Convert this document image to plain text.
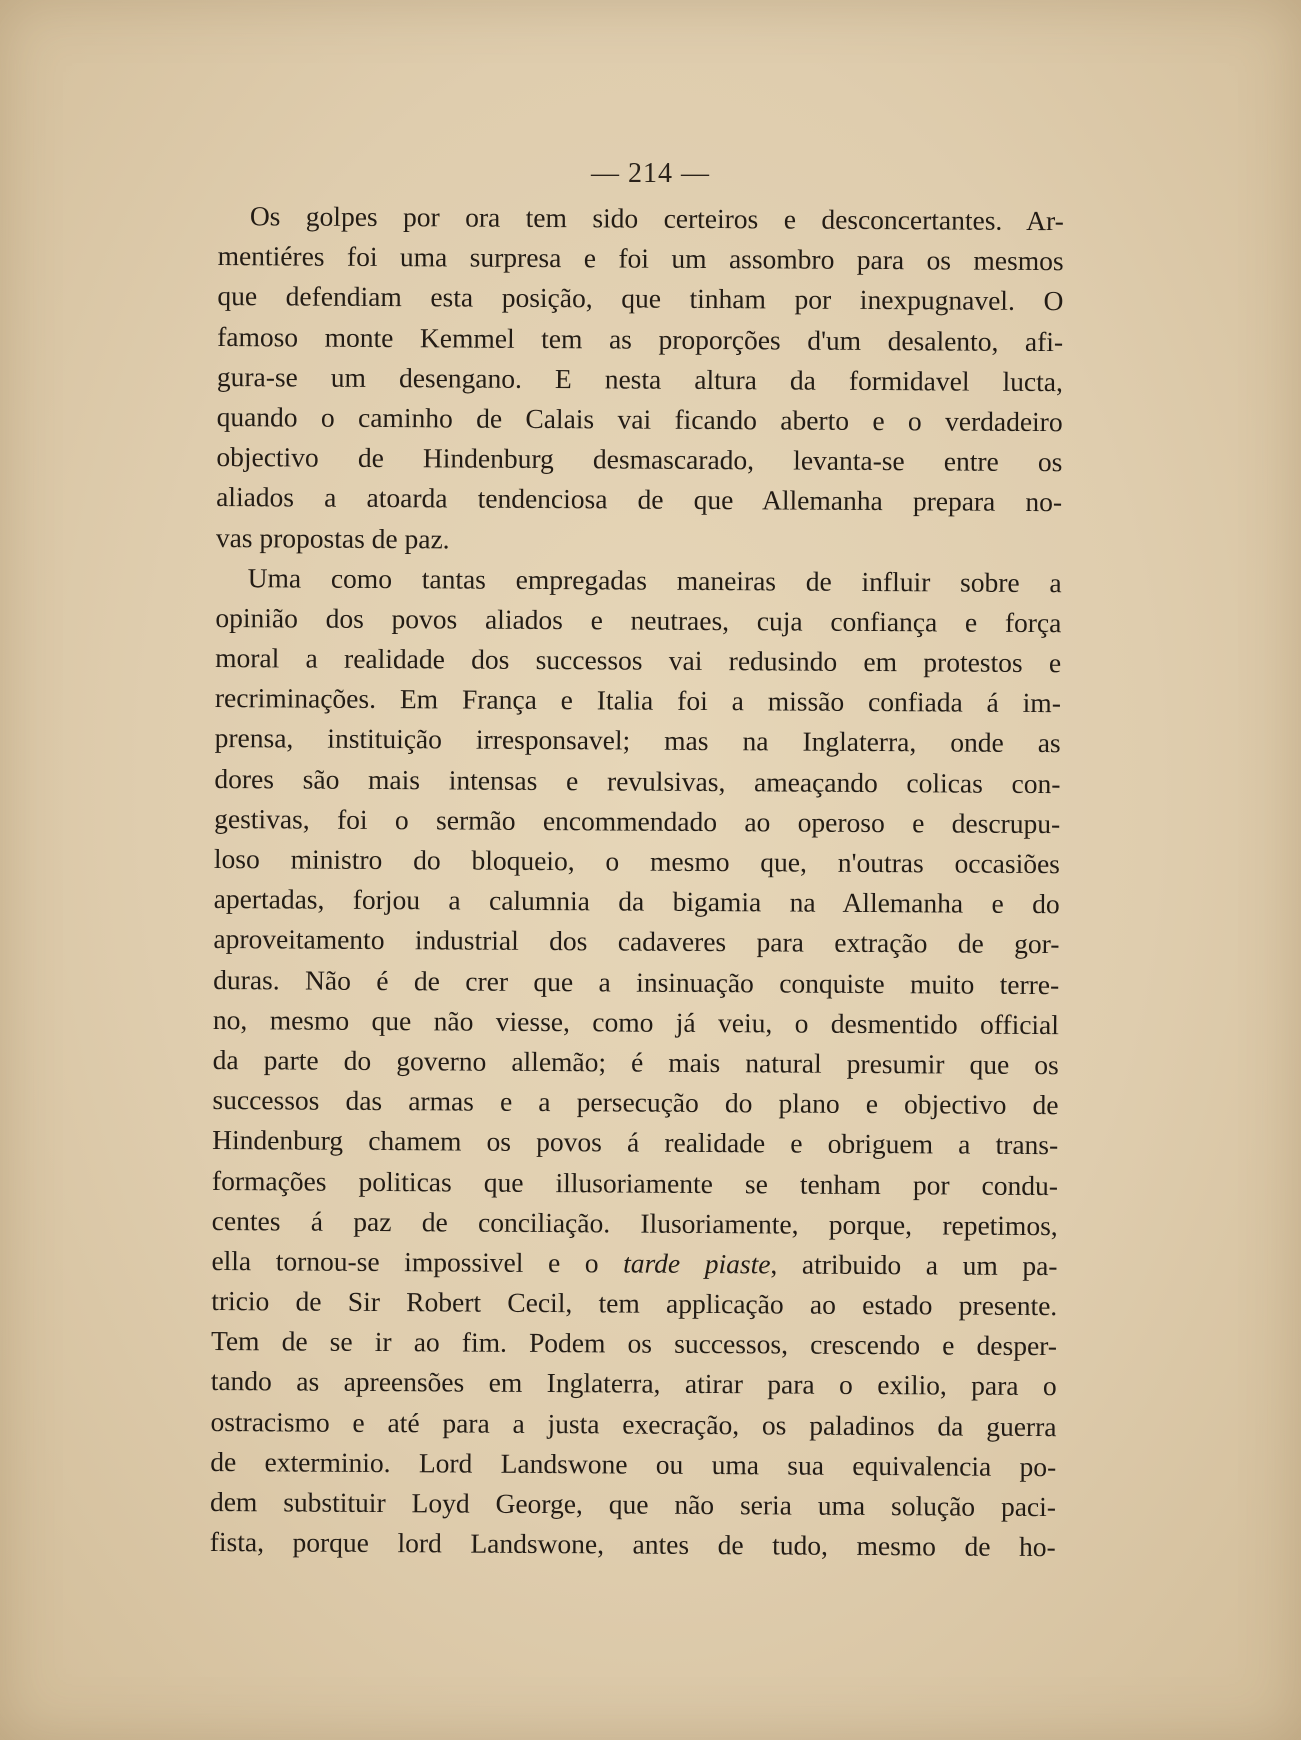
— 214 —
Os golpes por ora tem sido certeiros e desconcertantes. Ar-
mentiéres foi uma surpresa e foi um assombro para os mesmos
que defendiam esta posição, que tinham por inexpugnavel. O
famoso monte Kemmel tem as proporções d'um desalento, afi-
gura-se um desengano. E nesta altura da formidavel lucta,
quando o caminho de Calais vai ficando aberto e o verdadeiro
objectivo de Hindenburg desmascarado, levanta-se entre os
aliados a atoarda tendenciosa de que Allemanha prepara no-
vas propostas de paz.
Uma como tantas empregadas maneiras de influir sobre a
opinião dos povos aliados e neutraes, cuja confiança e força
moral a realidade dos successos vai redusindo em protestos e
recriminações. Em França e Italia foi a missão confiada á im-
prensa, instituição irresponsavel; mas na Inglaterra, onde as
dores são mais intensas e revulsivas, ameaçando colicas con-
gestivas, foi o sermão encommendado ao operoso e descrupu-
loso ministro do bloqueio, o mesmo que, n'outras occasiões
apertadas, forjou a calumnia da bigamia na Allemanha e do
aproveitamento industrial dos cadaveres para extração de gor-
duras. Não é de crer que a insinuação conquiste muito terre-
no, mesmo que não viesse, como já veiu, o desmentido official
da parte do governo allemão; é mais natural presumir que os
successos das armas e a persecução do plano e objectivo de
Hindenburg chamem os povos á realidade e obriguem a trans-
formações politicas que illusoriamente se tenham por condu-
centes á paz de conciliação. Ilusoriamente, porque, repetimos,
ella tornou-se impossivel e o tarde piaste, atribuido a um pa-
tricio de Sir Robert Cecil, tem applicação ao estado presente.
Tem de se ir ao fim. Podem os successos, crescendo e desper-
tando as apreensões em Inglaterra, atirar para o exilio, para o
ostracismo e até para a justa execração, os paladinos da guerra
de exterminio. Lord Landswone ou uma sua equivalencia po-
dem substituir Loyd George, que não seria uma solução paci-
fista, porque lord Landswone, antes de tudo, mesmo de ho-
